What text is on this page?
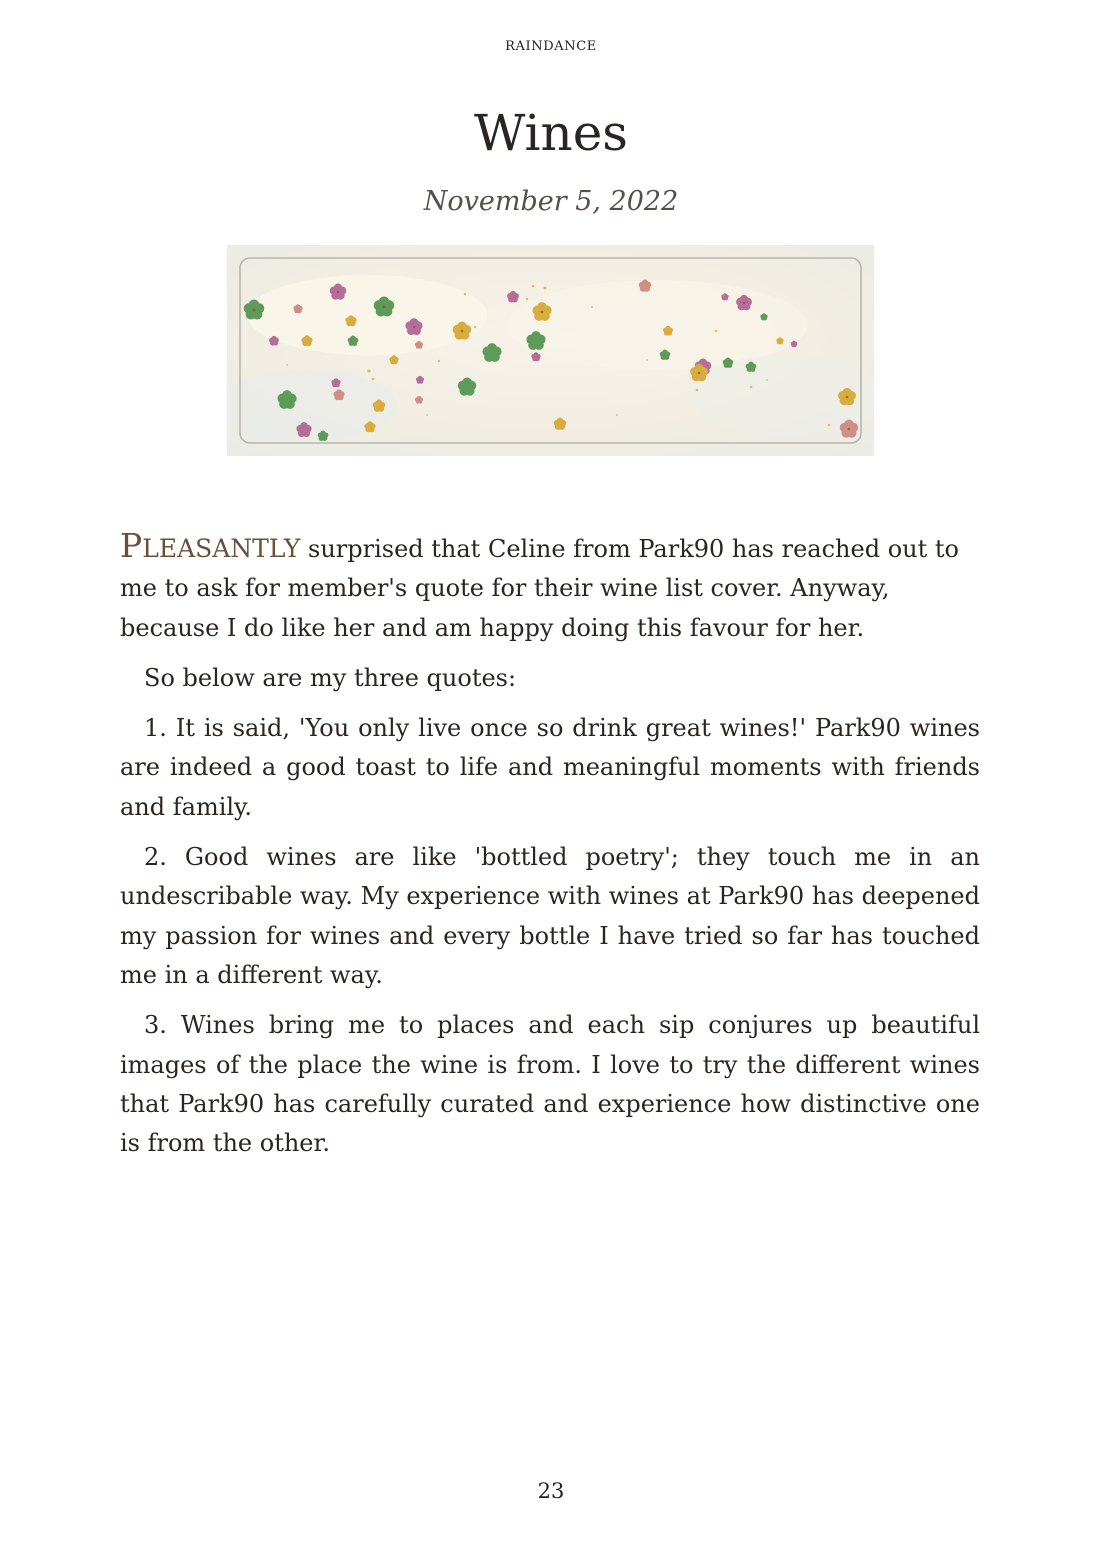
RAINDANCE
Wines
November 5, 2022

PLEASANTLY surprised that Celine from Park90 has reached out to me to ask for member's quote for their wine list cover. Anyway, because I do like her and am happy doing this favour for her.

So below are my three quotes:

1. It is said, 'You only live once so drink great wines!' Park90 wines are indeed a good toast to life and meaningful moments with friends and family.

2. Good wines are like 'bottled poetry'; they touch me in an undescribable way. My experience with wines at Park90 has deepened my passion for wines and every bottle I have tried so far has touched me in a different way.

3. Wines bring me to places and each sip conjures up beautiful images of the place the wine is from. I love to try the different wines that Park90 has carefully curated and experience how distinctive one is from the other.

23
